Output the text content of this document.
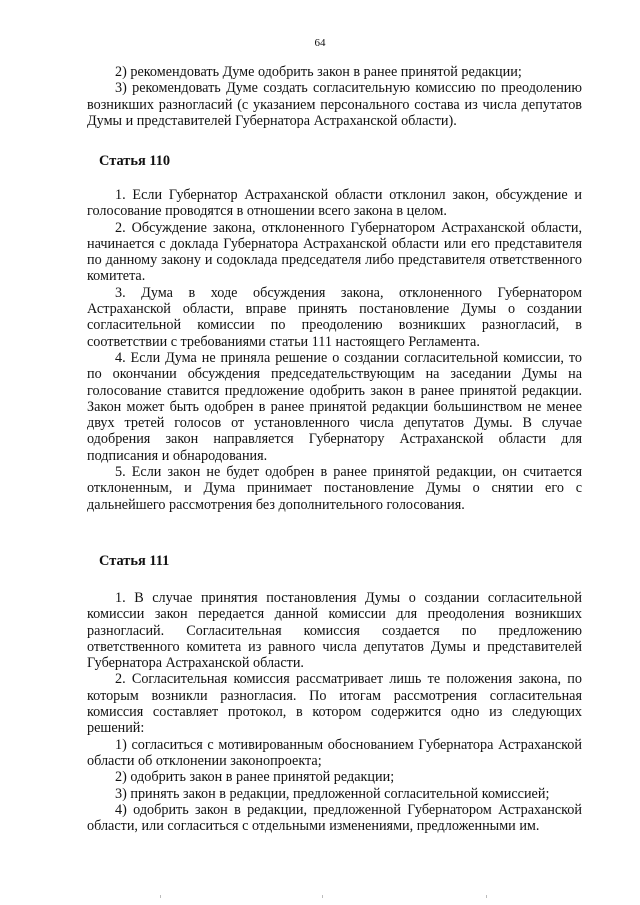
64

2) рекомендовать Думе одобрить закон в ранее принятой редакции;

3) рекомендовать Думе создать согласительную комиссию по преодолению возникших разногласий (с указанием персонального состава из числа депутатов Думы и представителей Губернатора Астраханской области).

Статья 110

1. Если Губернатор Астраханской области отклонил закон, обсуждение и голосование проводятся в отношении всего закона в целом.

2. Обсуждение закона, отклоненного Губернатором Астраханской области, начинается с доклада Губернатора Астраханской области или его представителя по данному закону и содоклада председателя либо представителя ответственного комитета.

3. Дума в ходе обсуждения закона, отклоненного Губернатором Астраханской области, вправе принять постановление Думы о создании согласительной комиссии по преодолению возникших разногласий, в соответствии с требованиями статьи 111 настоящего Регламента.

4. Если Дума не приняла решение о создании согласительной комиссии, то по окончании обсуждения председательствующим на заседании Думы на голосование ставится предложение одобрить закон в ранее принятой редакции. Закон может быть одобрен в ранее принятой редакции большинством не менее двух третей голосов от установленного числа депутатов Думы. В случае одобрения закон направляется Губернатору Астраханской области для подписания и обнародования.

5. Если закон не будет одобрен в ранее принятой редакции, он считается отклоненным, и Дума принимает постановление Думы о снятии его с дальнейшего рассмотрения без дополнительного голосования.

Статья 111

1. В случае принятия постановления Думы о создании согласительной комиссии закон передается данной комиссии для преодоления возникших разногласий. Согласительная комиссия создается по предложению ответственного комитета из равного числа депутатов Думы и представителей Губернатора Астраханской области.

2. Согласительная комиссия рассматривает лишь те положения закона, по которым возникли разногласия. По итогам рассмотрения согласительная комиссия составляет протокол, в котором содержится одно из следующих решений:

1) согласиться с мотивированным обоснованием Губернатора Астраханской области об отклонении законопроекта;

2) одобрить закон в ранее принятой редакции;

3) принять закон в редакции, предложенной согласительной комиссией;

4) одобрить закон в редакции, предложенной Губернатором Астраханской области, или согласиться с отдельными изменениями, предложенными им.
